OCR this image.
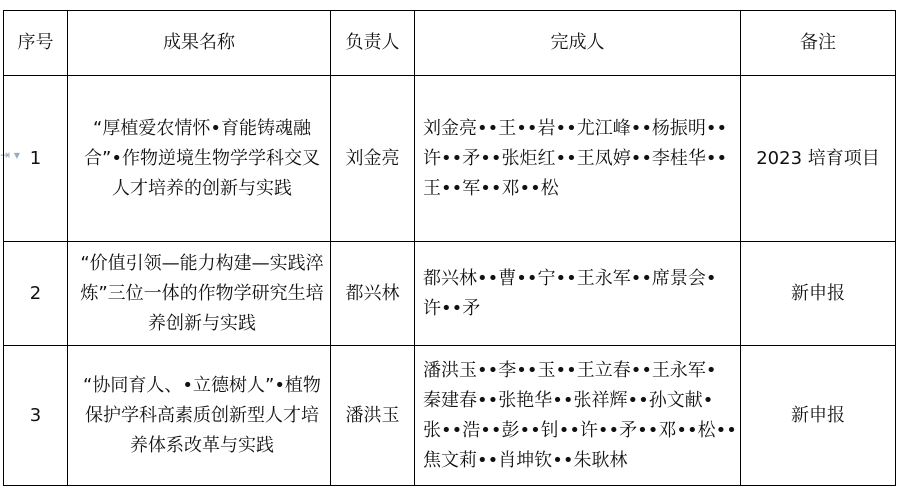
⇥ ▾
序号	成果名称	负责人	完成人	备注
1	“厚植爱农情怀•育能铸魂融合”•作物逆境生物学学科交叉人才培养的创新与实践	刘金亮	刘金亮••王••岩••尤江峰••杨振明••
许••矛••张炬红••王凤婷••李桂华••
王••军••邓••松	2023 培育项目
2	“价值引领—能力构建—实践淬炼”三位一体的作物学研究生培养创新与实践	都兴林	都兴林••曹••宁••王永军••席景会•
许••矛	新申报
3	“协同育人、•立德树人”•植物保护学科高素质创新型人才培养体系改革与实践	潘洪玉	潘洪玉••李••玉••王立春••王永军•
秦建春••张艳华••张祥辉••孙文献•
张••浩••彭••钊••许••矛••邓••松••
焦文莉••肖坤钦••朱耿林	新申报
